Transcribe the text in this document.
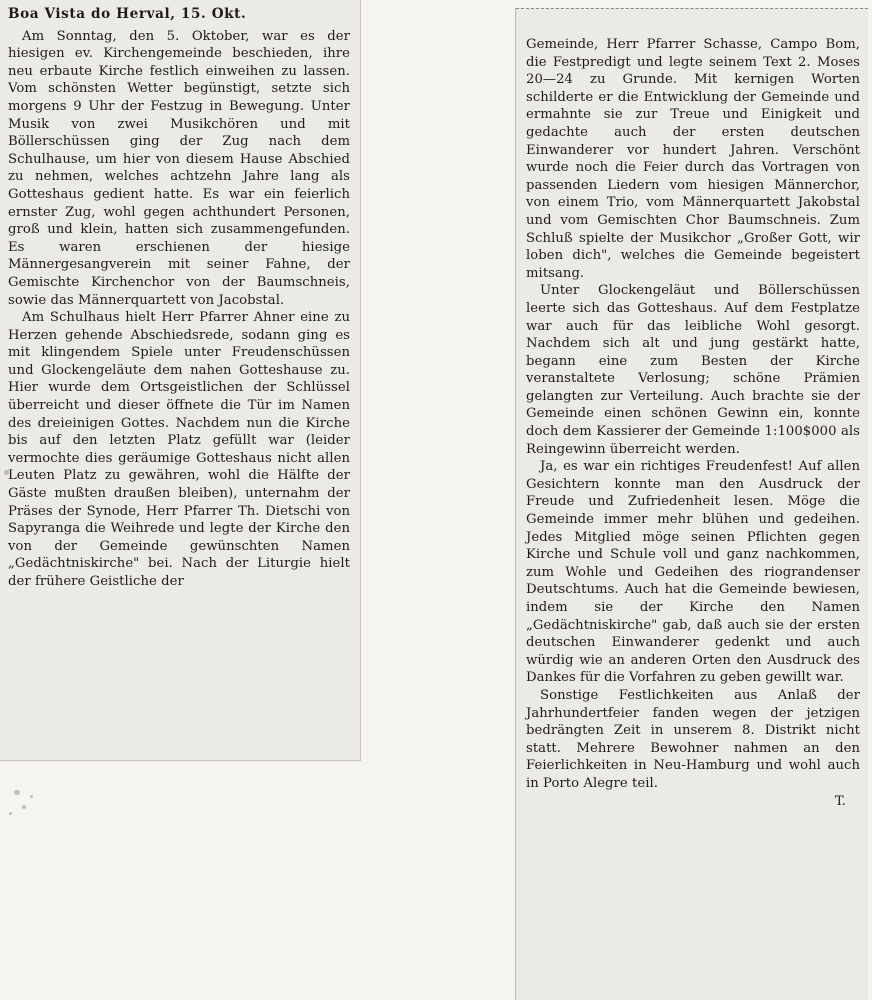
Boa Vista do Herval, 15. Okt.

Am Sonntag, den 5. Oktober, war es der hiesigen ev. Kirchengemeinde beschieden, ihre neu erbaute Kirche festlich einweihen zu lassen. Vom schönsten Wetter begünstigt, setzte sich morgens 9 Uhr der Festzug in Bewegung. Unter Musik von zwei Musikchören und mit Böllerschüssen ging der Zug nach dem Schulhause, um hier von diesem Hause Abschied zu nehmen, welches achtzehn Jahre lang als Gotteshaus gedient hatte. Es war ein feierlich ernster Zug, wohl gegen achthundert Personen, groß und klein, hatten sich zusammengefunden. Es waren erschienen der hiesige Männergesangverein mit seiner Fahne, der Gemischte Kirchenchor von der Baumschneis, sowie das Männerquartett von Jacobstal.

Am Schulhaus hielt Herr Pfarrer Ahner eine zu Herzen gehende Abschiedsrede, sodann ging es mit klingendem Spiele unter Freudenschüssen und Glockengeläute dem nahen Gotteshause zu. Hier wurde dem Ortsgeistlichen der Schlüssel überreicht und dieser öffnete die Tür im Namen des dreieinigen Gottes. Nachdem nun die Kirche bis auf den letzten Platz gefüllt war (leider vermochte dies geräumige Gotteshaus nicht allen Leuten Platz zu gewähren, wohl die Hälfte der Gäste mußten draußen bleiben), unternahm der Präses der Synode, Herr Pfarrer Th. Dietschi von Sapyranga die Weihrede und legte der Kirche den von der Gemeinde gewünschten Namen „Gedächtniskirche" bei. Nach der Liturgie hielt der frühere Geistliche der

Gemeinde, Herr Pfarrer Schasse, Campo Bom, die Festpredigt und legte seinem Text 2. Moses 20—24 zu Grunde. Mit kernigen Worten schilderte er die Entwicklung der Gemeinde und ermahnte sie zur Treue und Einigkeit und gedachte auch der ersten deutschen Einwanderer vor hundert Jahren. Verschönt wurde noch die Feier durch das Vortragen von passenden Liedern vom hiesigen Männerchor, von einem Trio, vom Männerquartett Jakobstal und vom Gemischten Chor Baumschneis. Zum Schluß spielte der Musikchor „Großer Gott, wir loben dich", welches die Gemeinde begeistert mitsang.

Unter Glockengeläut und Böllerschüssen leerte sich das Gotteshaus. Auf dem Festplatze war auch für das leibliche Wohl gesorgt. Nachdem sich alt und jung gestärkt hatte, begann eine zum Besten der Kirche veranstaltete Verlosung; schöne Prämien gelangten zur Verteilung. Auch brachte sie der Gemeinde einen schönen Gewinn ein, konnte doch dem Kassierer der Gemeinde 1:100$000 als Reingewinn überreicht werden.

Ja, es war ein richtiges Freudenfest! Auf allen Gesichtern konnte man den Ausdruck der Freude und Zufriedenheit lesen. Möge die Gemeinde immer mehr blühen und gedeihen. Jedes Mitglied möge seinen Pflichten gegen Kirche und Schule voll und ganz nachkommen, zum Wohle und Gedeihen des riograndenser Deutschtums. Auch hat die Gemeinde bewiesen, indem sie der Kirche den Namen „Gedächtniskirche" gab, daß auch sie der ersten deutschen Einwanderer gedenkt und auch würdig wie an anderen Orten den Ausdruck des Dankes für die Vorfahren zu geben gewillt war.

Sonstige Festlichkeiten aus Anlaß der Jahrhundertfeier fanden wegen der jetzigen bedrängten Zeit in unserem 8. Distrikt nicht statt. Mehrere Bewohner nahmen an den Feierlichkeiten in Neu-Hamburg und wohl auch in Porto Alegre teil.

T.
